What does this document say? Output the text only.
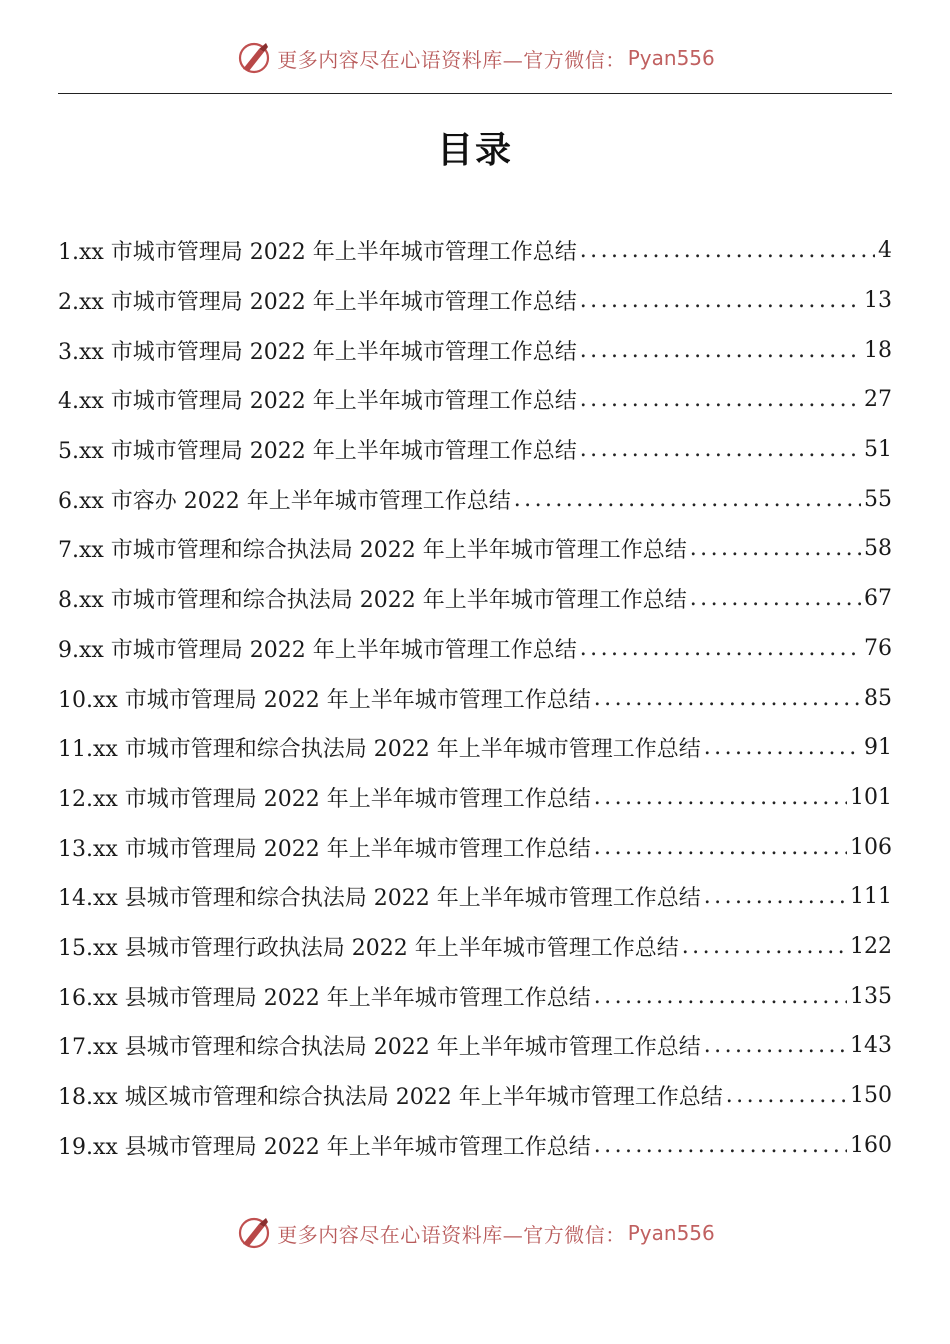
更多内容尽在心语资料库—官方微信： Pyan556
目录
1.xx 市城市管理局 2022 年上半年城市管理工作总结 .....	4
2.xx 市城市管理局 2022 年上半年城市管理工作总结 .....	13
3.xx 市城市管理局 2022 年上半年城市管理工作总结 .....	18
4.xx 市城市管理局 2022 年上半年城市管理工作总结 .....	27
5.xx 市城市管理局 2022 年上半年城市管理工作总结 .....	51
6.xx 市容办 2022 年上半年城市管理工作总结 .....	55
7.xx 市城市管理和综合执法局 2022 年上半年城市管理工作总结 .....	58
8.xx 市城市管理和综合执法局 2022 年上半年城市管理工作总结 .....	67
9.xx 市城市管理局 2022 年上半年城市管理工作总结 .....	76
10.xx 市城市管理局 2022 年上半年城市管理工作总结 .....	85
11.xx 市城市管理和综合执法局 2022 年上半年城市管理工作总结 .....	91
12.xx 市城市管理局 2022 年上半年城市管理工作总结 .....	101
13.xx 市城市管理局 2022 年上半年城市管理工作总结 .....	106
14.xx 县城市管理和综合执法局 2022 年上半年城市管理工作总结 .....	111
15.xx 县城市管理行政执法局 2022 年上半年城市管理工作总结 .....	122
16.xx 县城市管理局 2022 年上半年城市管理工作总结 .....	135
17.xx 县城市管理和综合执法局 2022 年上半年城市管理工作总结 .....	143
18.xx 城区城市管理和综合执法局 2022 年上半年城市管理工作总结 .....	150
19.xx 县城市管理局 2022 年上半年城市管理工作总结 .....	160
更多内容尽在心语资料库—官方微信： Pyan556
